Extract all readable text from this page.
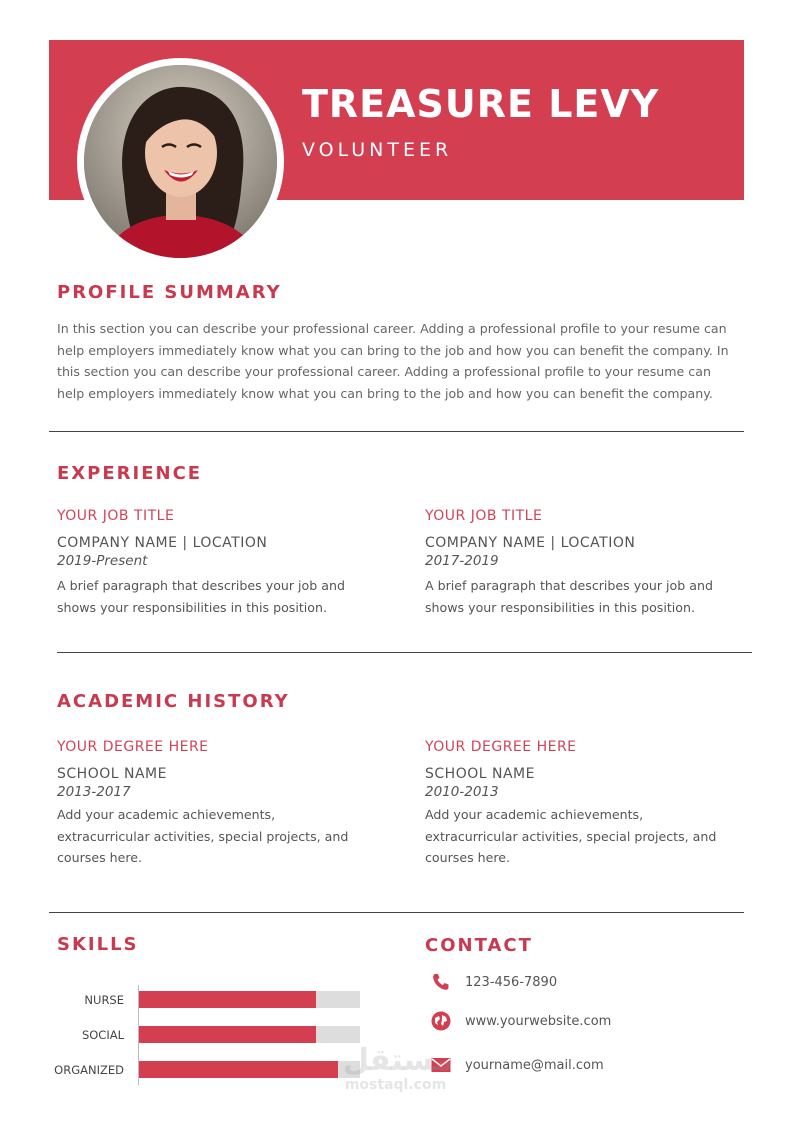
TREASURE LEVY
VOLUNTEER
PROFILE SUMMARY
In this section you can describe your professional career. Adding a professional profile to your resume can
help employers immediately know what you can bring to the job and how you can benefit the company. In
this section you can describe your professional career. Adding a professional profile to your resume can
help employers immediately know what you can bring to the job and how you can benefit the company.
EXPERIENCE
YOUR JOB TITLE
COMPANY NAME | LOCATION
2019-Present
A brief paragraph that describes your job and
shows your responsibilities in this position.
YOUR JOB TITLE
COMPANY NAME | LOCATION
2017-2019
A brief paragraph that describes your job and
shows your responsibilities in this position.
ACADEMIC HISTORY
YOUR DEGREE HERE
SCHOOL NAME
2013-2017
Add your academic achievements,
extracurricular activities, special projects, and
courses here.
YOUR DEGREE HERE
SCHOOL NAME
2010-2013
Add your academic achievements,
extracurricular activities, special projects, and
courses here.
SKILLS
NURSE
SOCIAL
ORGANIZED
CONTACT
123-456-7890
www.yourwebsite.com
yourname@mail.com
مستقل
mostaql.com
